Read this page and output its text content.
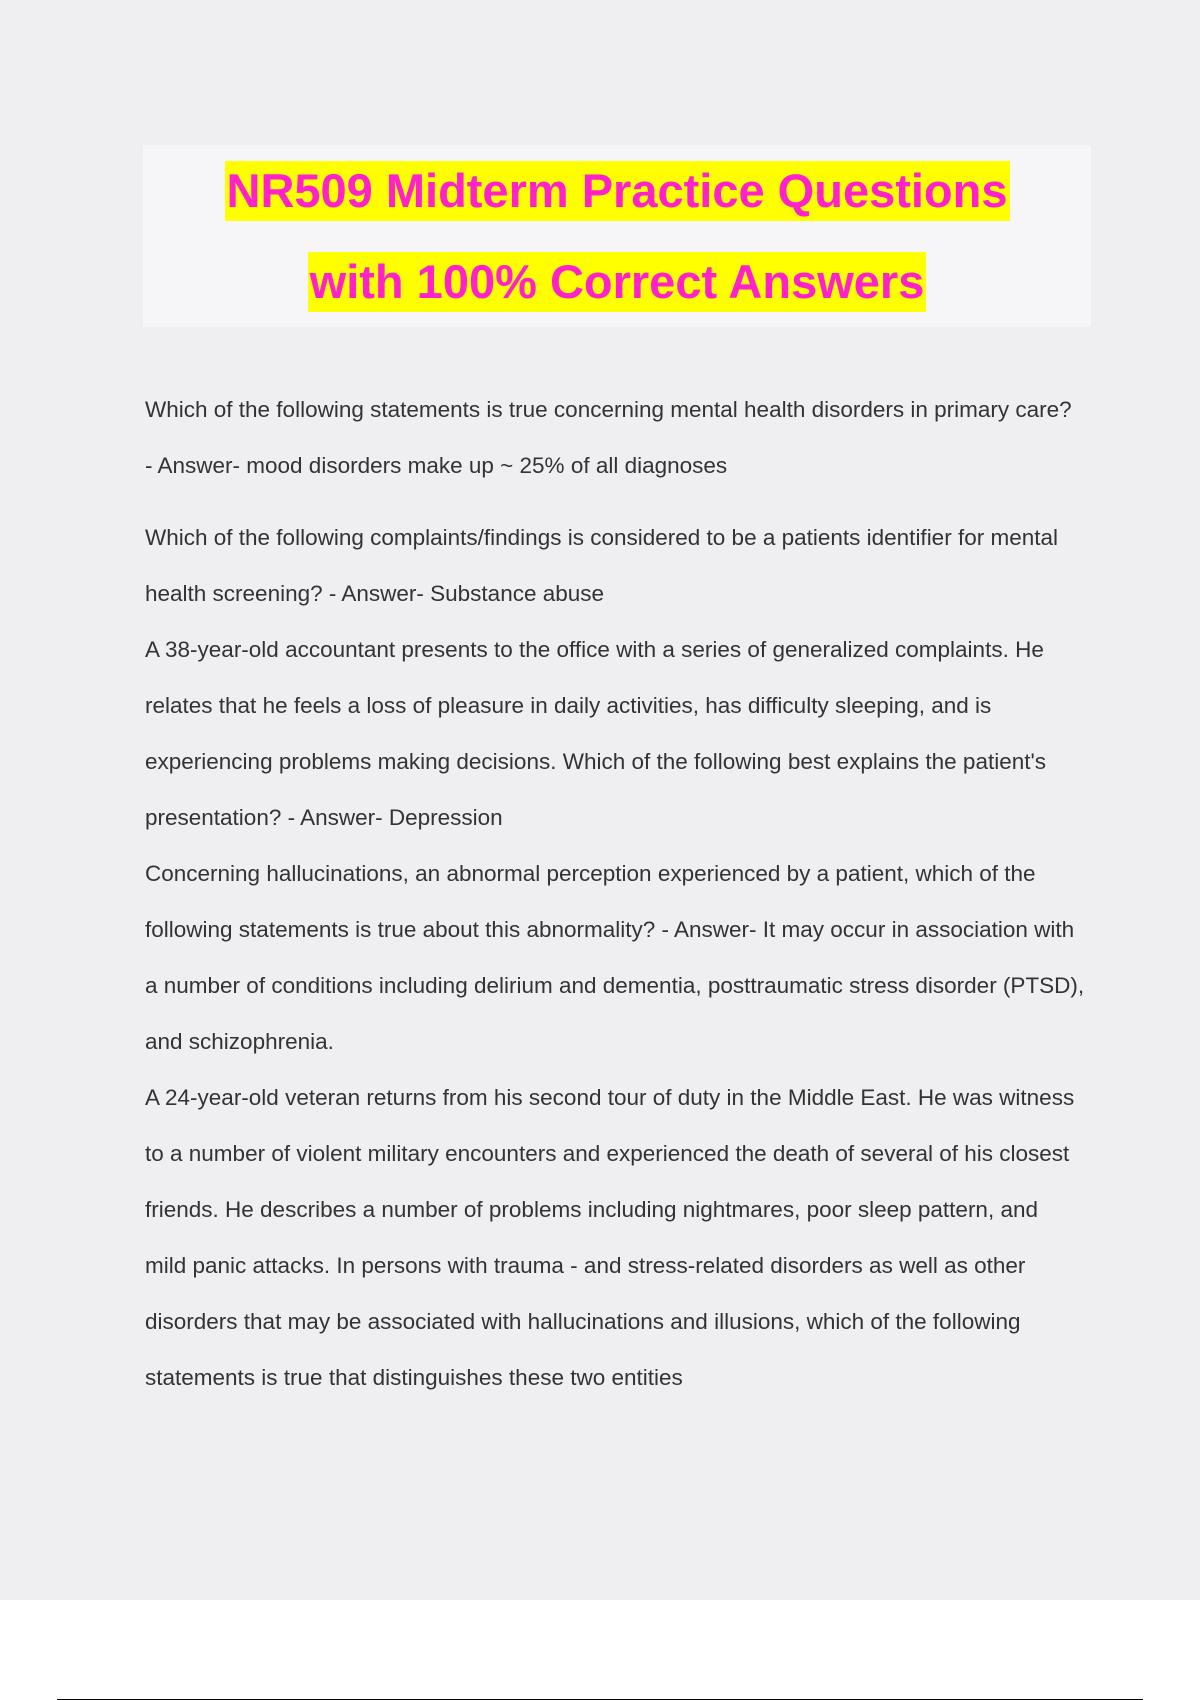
NR509 Midterm Practice Questions
with 100% Correct Answers

Which of the following statements is true concerning mental health disorders in primary care? - Answer- mood disorders make up ~ 25% of all diagnoses

Which of the following complaints/findings is considered to be a patients identifier for mental health screening? - Answer- Substance abuse

A 38-year-old accountant presents to the office with a series of generalized complaints. He relates that he feels a loss of pleasure in daily activities, has difficulty sleeping, and is experiencing problems making decisions. Which of the following best explains the patient's presentation? - Answer- Depression

Concerning hallucinations, an abnormal perception experienced by a patient, which of the following statements is true about this abnormality? - Answer- It may occur in association with a number of conditions including delirium and dementia, posttraumatic stress disorder (PTSD), and schizophrenia.

A 24-year-old veteran returns from his second tour of duty in the Middle East. He was witness to a number of violent military encounters and experienced the death of several of his closest friends. He describes a number of problems including nightmares, poor sleep pattern, and mild panic attacks. In persons with trauma - and stress-related disorders as well as other disorders that may be associated with hallucinations and illusions, which of the following statements is true that distinguishes these two entities
